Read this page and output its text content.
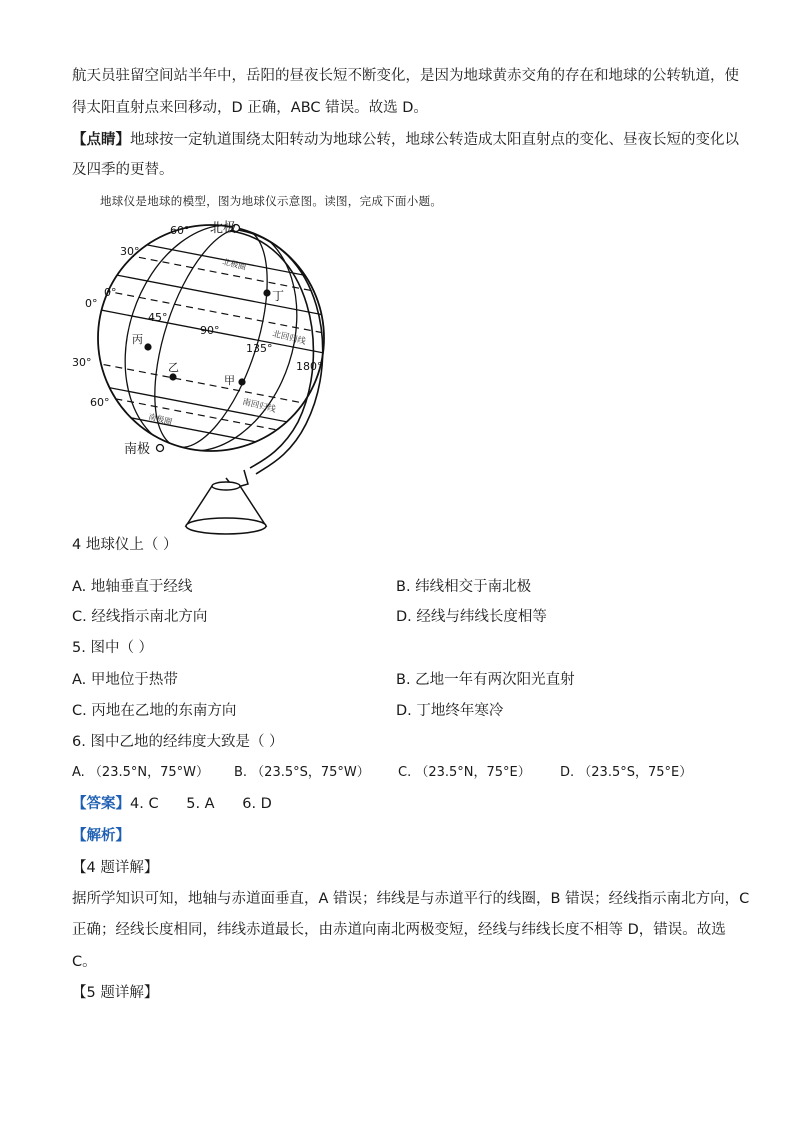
航天员驻留空间站半年中，岳阳的昼夜长短不断变化，是因为地球黄赤交角的存在和地球的公转轨道，使
得太阳直射点来回移动，D 正确，ABC 错误。故选 D。
【点睛】地球按一定轨道围绕太阳转动为地球公转，地球公转造成太阳直射点的变化、昼夜长短的变化以
及四季的更替。
地球仪是地球的模型，图为地球仪示意图。读图，完成下面小题。
北极
南极
北极圈
南极圈
北回归线
南回归线
60°
30°
0°
0°
30°
60°
45°
90°
135°
180°
甲
乙
丙
丁
4 地球仪上（ ）
A. 地轴垂直于经线	B. 纬线相交于南北极
C. 经线指示南北方向	D. 经线与纬线长度相等
5. 图中（ ）
A. 甲地位于热带	B. 乙地一年有两次阳光直射
C. 丙地在乙地的东南方向	D. 丁地终年寒冷
6. 图中乙地的经纬度大致是（ ）
A. （23.5°N，75°W） B. （23.5°S，75°W） C. （23.5°N，75°E） D. （23.5°S，75°E）
【答案】4. C      5. A      6. D
【解析】
【4 题详解】
据所学知识可知，地轴与赤道面垂直，A 错误；纬线是与赤道平行的线圈，B 错误；经线指示南北方向，C
正确；经线长度相同，纬线赤道最长，由赤道向南北两极变短，经线与纬线长度不相等 D，错误。故选
C。
【5 题详解】
